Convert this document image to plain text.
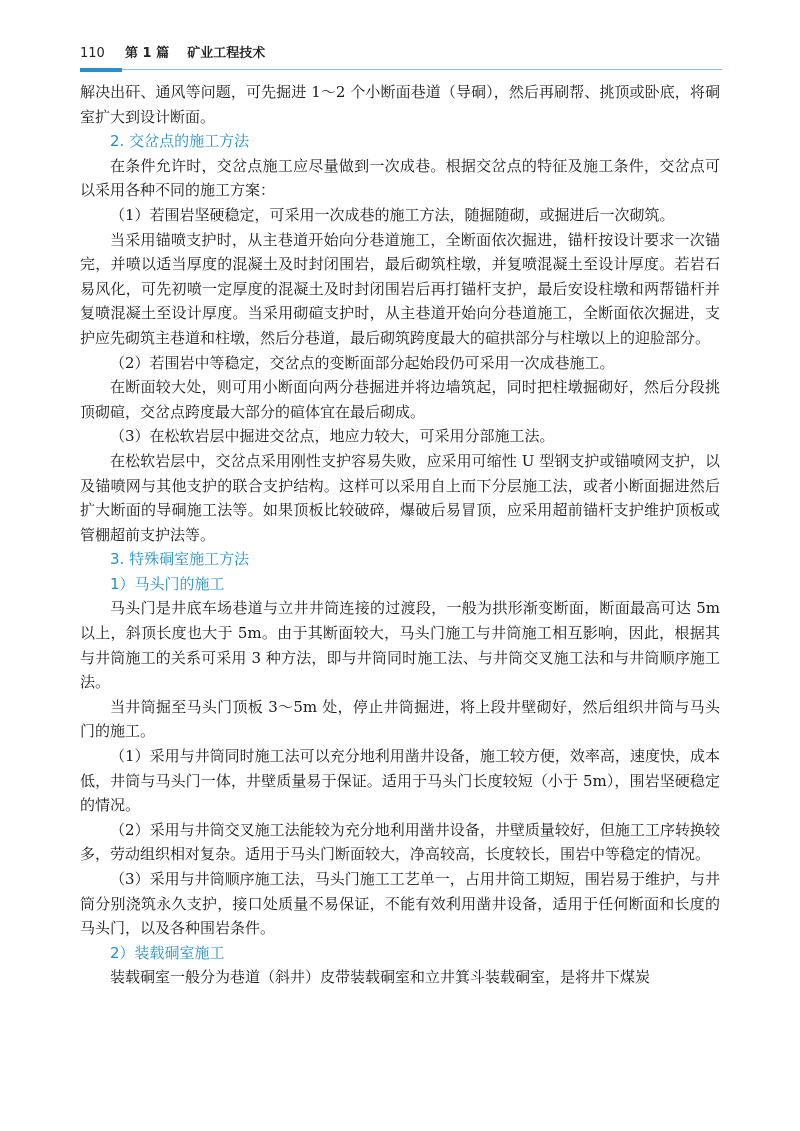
110 第 1 篇 矿业工程技术

解决出矸、通风等问题，可先掘进 1～2 个小断面巷道（导硐），然后再刷帮、挑顶或卧底，将硐室扩大到设计断面。

2. 交岔点的施工方法

在条件允许时，交岔点施工应尽量做到一次成巷。根据交岔点的特征及施工条件，交岔点可以采用各种不同的施工方案：

（1）若围岩坚硬稳定，可采用一次成巷的施工方法，随掘随砌，或掘进后一次砌筑。

当采用锚喷支护时，从主巷道开始向分巷道施工，全断面依次掘进，锚杆按设计要求一次锚完，并喷以适当厚度的混凝土及时封闭围岩，最后砌筑柱墩，并复喷混凝土至设计厚度。若岩石易风化，可先初喷一定厚度的混凝土及时封闭围岩后再打锚杆支护，最后安设柱墩和两帮锚杆并复喷混凝土至设计厚度。当采用砌碹支护时，从主巷道开始向分巷道施工，全断面依次掘进，支护应先砌筑主巷道和柱墩，然后分巷道，最后砌筑跨度最大的碹拱部分与柱墩以上的迎脸部分。

（2）若围岩中等稳定，交岔点的变断面部分起始段仍可采用一次成巷施工。

在断面较大处，则可用小断面向两分巷掘进并将边墙筑起，同时把柱墩掘砌好，然后分段挑顶砌碹，交岔点跨度最大部分的碹体宜在最后砌成。

（3）在松软岩层中掘进交岔点，地应力较大，可采用分部施工法。

在松软岩层中，交岔点采用刚性支护容易失败，应采用可缩性 U 型钢支护或锚喷网支护，以及锚喷网与其他支护的联合支护结构。这样可以采用自上而下分层施工法，或者小断面掘进然后扩大断面的导硐施工法等。如果顶板比较破碎，爆破后易冒顶，应采用超前锚杆支护维护顶板或管棚超前支护法等。

3. 特殊硐室施工方法
1）马头门的施工

马头门是井底车场巷道与立井井筒连接的过渡段，一般为拱形渐变断面，断面最高可达 5m 以上，斜顶长度也大于 5m。由于其断面较大，马头门施工与井筒施工相互影响，因此，根据其与井筒施工的关系可采用 3 种方法，即与井筒同时施工法、与井筒交叉施工法和与井筒顺序施工法。

当井筒掘至马头门顶板 3～5m 处，停止井筒掘进，将上段井壁砌好，然后组织井筒与马头门的施工。

（1）采用与井筒同时施工法可以充分地利用凿井设备，施工较方便，效率高，速度快，成本低，井筒与马头门一体，井壁质量易于保证。适用于马头门长度较短（小于 5m），围岩坚硬稳定的情况。

（2）采用与井筒交叉施工法能较为充分地利用凿井设备，井壁质量较好，但施工工序转换较多，劳动组织相对复杂。适用于马头门断面较大，净高较高，长度较长，围岩中等稳定的情况。

（3）采用与井筒顺序施工法，马头门施工工艺单一，占用井筒工期短，围岩易于维护，与井筒分别浇筑永久支护，接口处质量不易保证，不能有效利用凿井设备，适用于任何断面和长度的马头门，以及各种围岩条件。

2）装载硐室施工

装载硐室一般分为巷道（斜井）皮带装载硐室和立井箕斗装载硐室，是将井下煤炭
